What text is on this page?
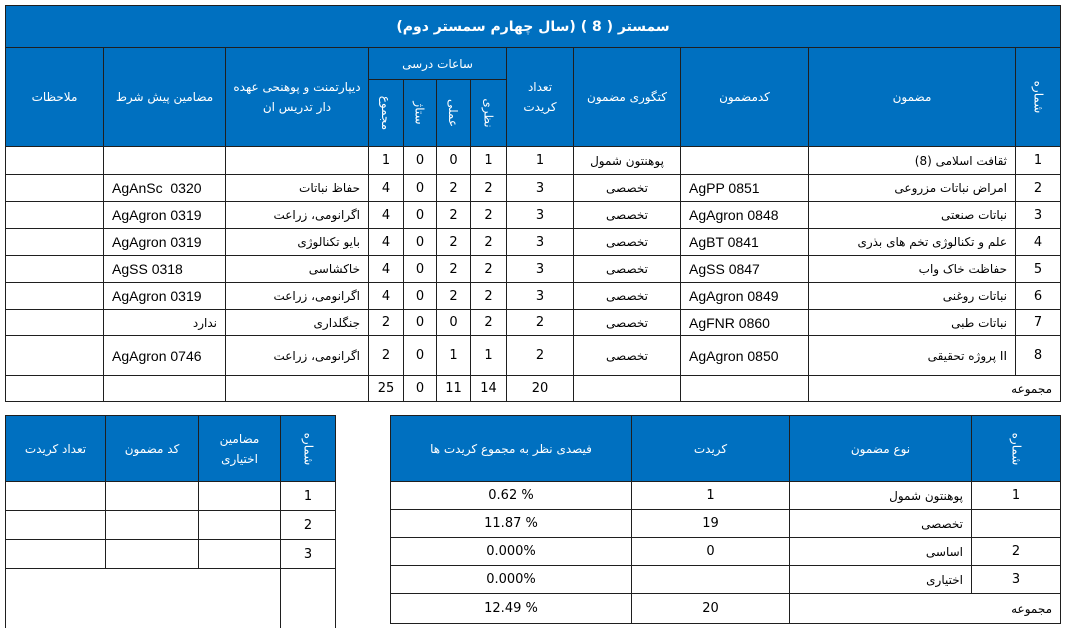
سمستر ( 8 ) (سال چهارم سمستر دوم)											
ملاحظات	مضامین پیش شرط	دیپارتمنت و پوهنحی عهده دار تدریس ان	ساعات درسی				تعداد کریدت	کتگوری مضمون	کدمضمون	مضمون	شماره
			مجموع	ستاژ	عملی	نظری					
			1	0	0	1	1	پوهنتون شمول		ثقافت اسلامی (8)	1
	AgAnSc  0320	حفاظ نباتات	4	0	2	2	3	تخصصی	AgPP 0851	امراض نباتات مزروعی	2
	AgAgron 0319	اگرانومی، زراعت	4	0	2	2	3	تخصصی	AgAgron 0848	نباتات صنعتی	3
	AgAgron 0319	بایو تکنالوژی	4	0	2	2	3	تخصصی	AgBT 0841	علم و تکنالوژی تخم های بذری	4
	AgSS 0318	خاکشاسی	4	0	2	2	3	تخصصی	AgSS 0847	حفاظت خاک واب	5
	AgAgron 0319	اگرانومی، زراعت	4	0	2	2	3	تخصصی	AgAgron 0849	نباتات روغنی	6
	ندارد	جنگلداری	2	0	0	2	2	تخصصی	AgFNR 0860	نباتات طبی	7
	AgAgron 0746	اگرانومی، زراعت	2	0	1	1	2	تخصصی	AgAgron 0850	پروژه تحقیقی II	8
			25	0	11	14	20			مجموعه	
تعداد کریدت	کد مضمون	مضامین اختیاری	شماره
			1
			2
			3

فیصدی نظر به مجموع کریدت ها	کریدت	نوع مضمون	شماره
0.62 %	1	پوهنتون شمول	1
11.87 %	19	تخصصی	
0.000%	0	اساسی	2
0.000%		اختیاری	3
12.49 %	20	مجموعه	
